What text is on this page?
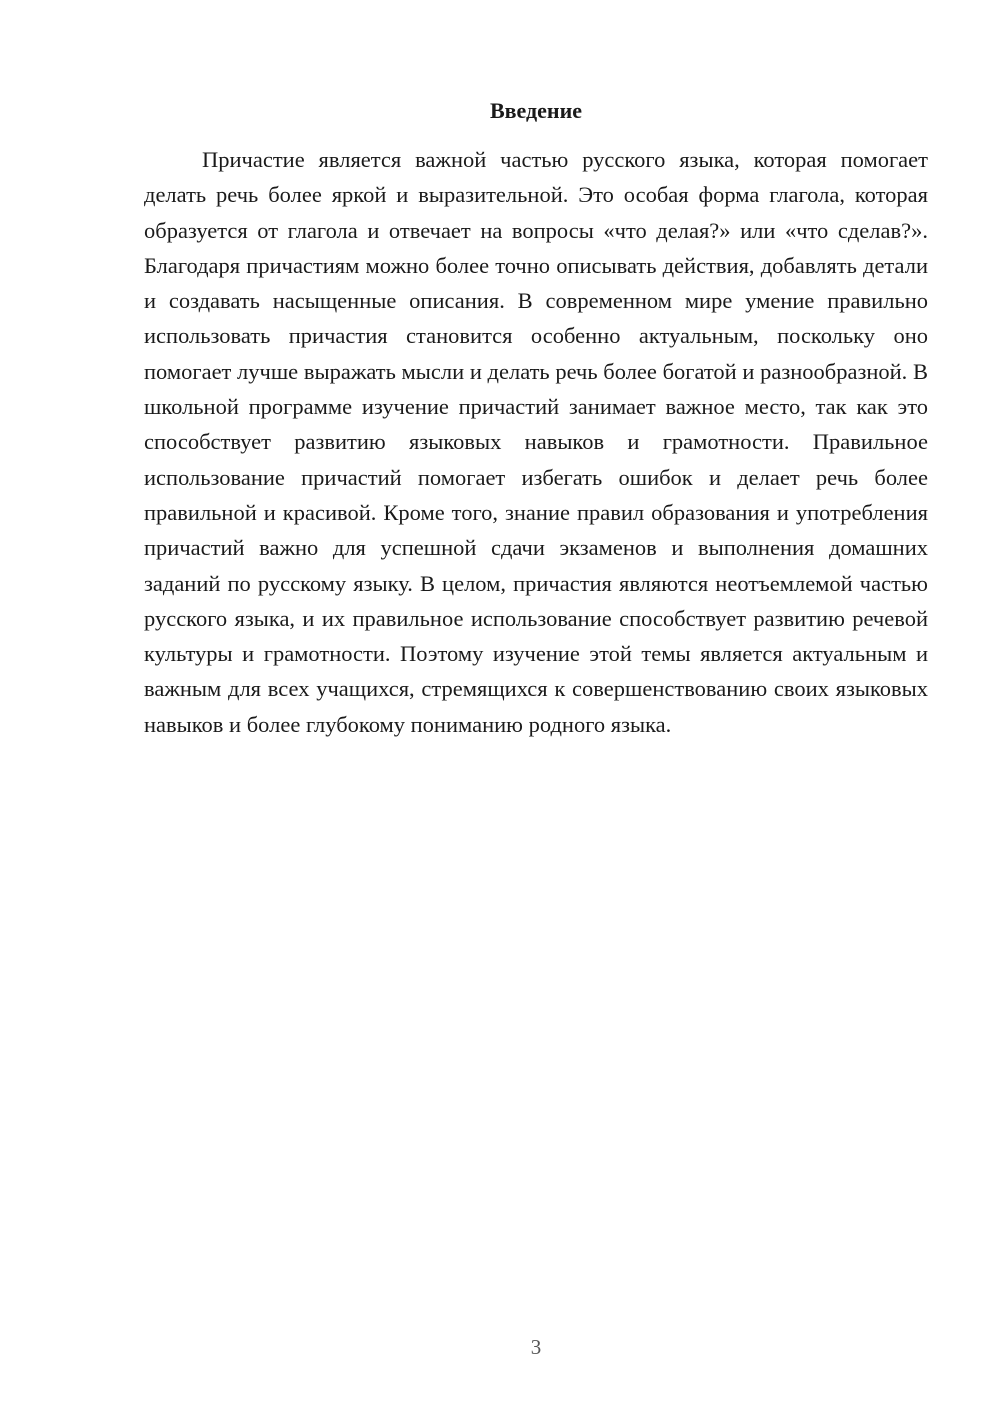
Введение

Причастие является важной частью русского языка, которая помогает делать речь более яркой и выразительной. Это особая форма глагола, которая образуется от глагола и отвечает на вопросы «что делая?» или «что сделав?». Благодаря причастиям можно более точно описывать действия, добавлять детали и создавать насыщенные описания. В современном мире умение правильно использовать причастия становится особенно актуальным, поскольку оно помогает лучше выражать мысли и делать речь более богатой и разнообразной. В школьной программе изучение причастий занимает важное место, так как это способствует развитию языковых навыков и грамотности. Правильное использование причастий помогает избегать ошибок и делает речь более правильной и красивой. Кроме того, знание правил образования и употребления причастий важно для успешной сдачи экзаменов и выполнения домашних заданий по русскому языку. В целом, причастия являются неотъемлемой частью русского языка, и их правильное использование способствует развитию речевой культуры и грамотности. Поэтому изучение этой темы является актуальным и важным для всех учащихся, стремящихся к совершенствованию своих языковых навыков и более глубокому пониманию родного языка.

3
